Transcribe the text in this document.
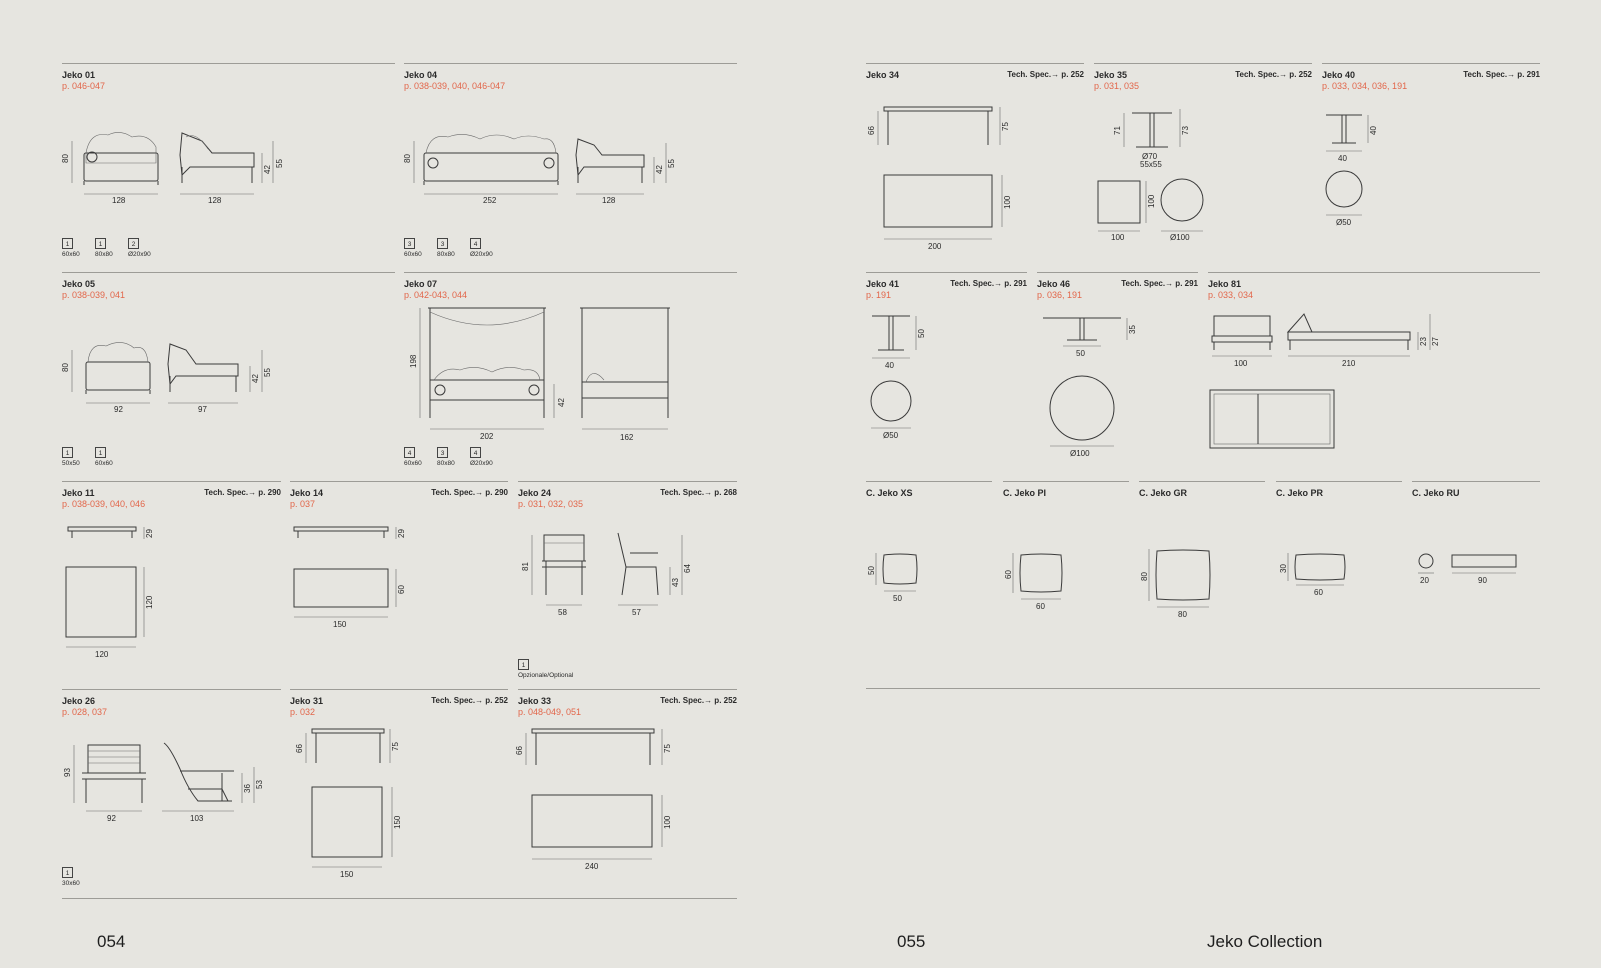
Jeko 01
p. 046-047
80
128
42
55
128
1
60x60
1
80x80
2
Ø20x90
Jeko 04
p. 038-039, 040, 046-047
80
252
42
55
128
3
60x60
3
80x80
4
Ø20x90
Jeko 05
p. 038-039, 041
80
92
42
55
97
1
50x50
1
60x60
Jeko 07
p. 042-043, 044
198
202
42
162
4
60x60
3
80x80
4
Ø20x90
Jeko 11
p. 038-039, 040, 046
Tech. Spec.→ p. 290
29
120
120
Jeko 14
p. 037
Tech. Spec.→ p. 290
29
60
150
Jeko 24
p. 031, 032, 035
Tech. Spec.→ p. 268
81
58
43
64
57
1
Opzionale/Optional
Jeko 26
p. 028, 037
93
92
36 53
103
1
30x60
Jeko 31
p. 032
Tech. Spec.→ p. 252
66	75
150
150
Jeko 33
p. 048-049, 051
Tech. Spec.→ p. 252
66	75
100
240
Jeko 34	Tech. Spec.→ p. 252
66	75
100
200
Jeko 35
p. 031, 035
Tech. Spec.→ p. 252
71	73
Ø70
55x55
100
100	Ø100
Jeko 40
p. 033, 034, 036, 191
Tech. Spec.→ p. 291
40
40
Ø50
Jeko 41
p. 191
Tech. Spec.→ p. 291
50
40
Ø50
Jeko 46
p. 036, 191
Tech. Spec.→ p. 291
35
50
Ø100
Jeko 81
p. 033, 034
100
23 27
210
C. Jeko XS
50
50
C. Jeko PI
60
60
C. Jeko GR
80
80
C. Jeko PR
30
60
C. Jeko RU
20	90
054	055	Jeko Collection
